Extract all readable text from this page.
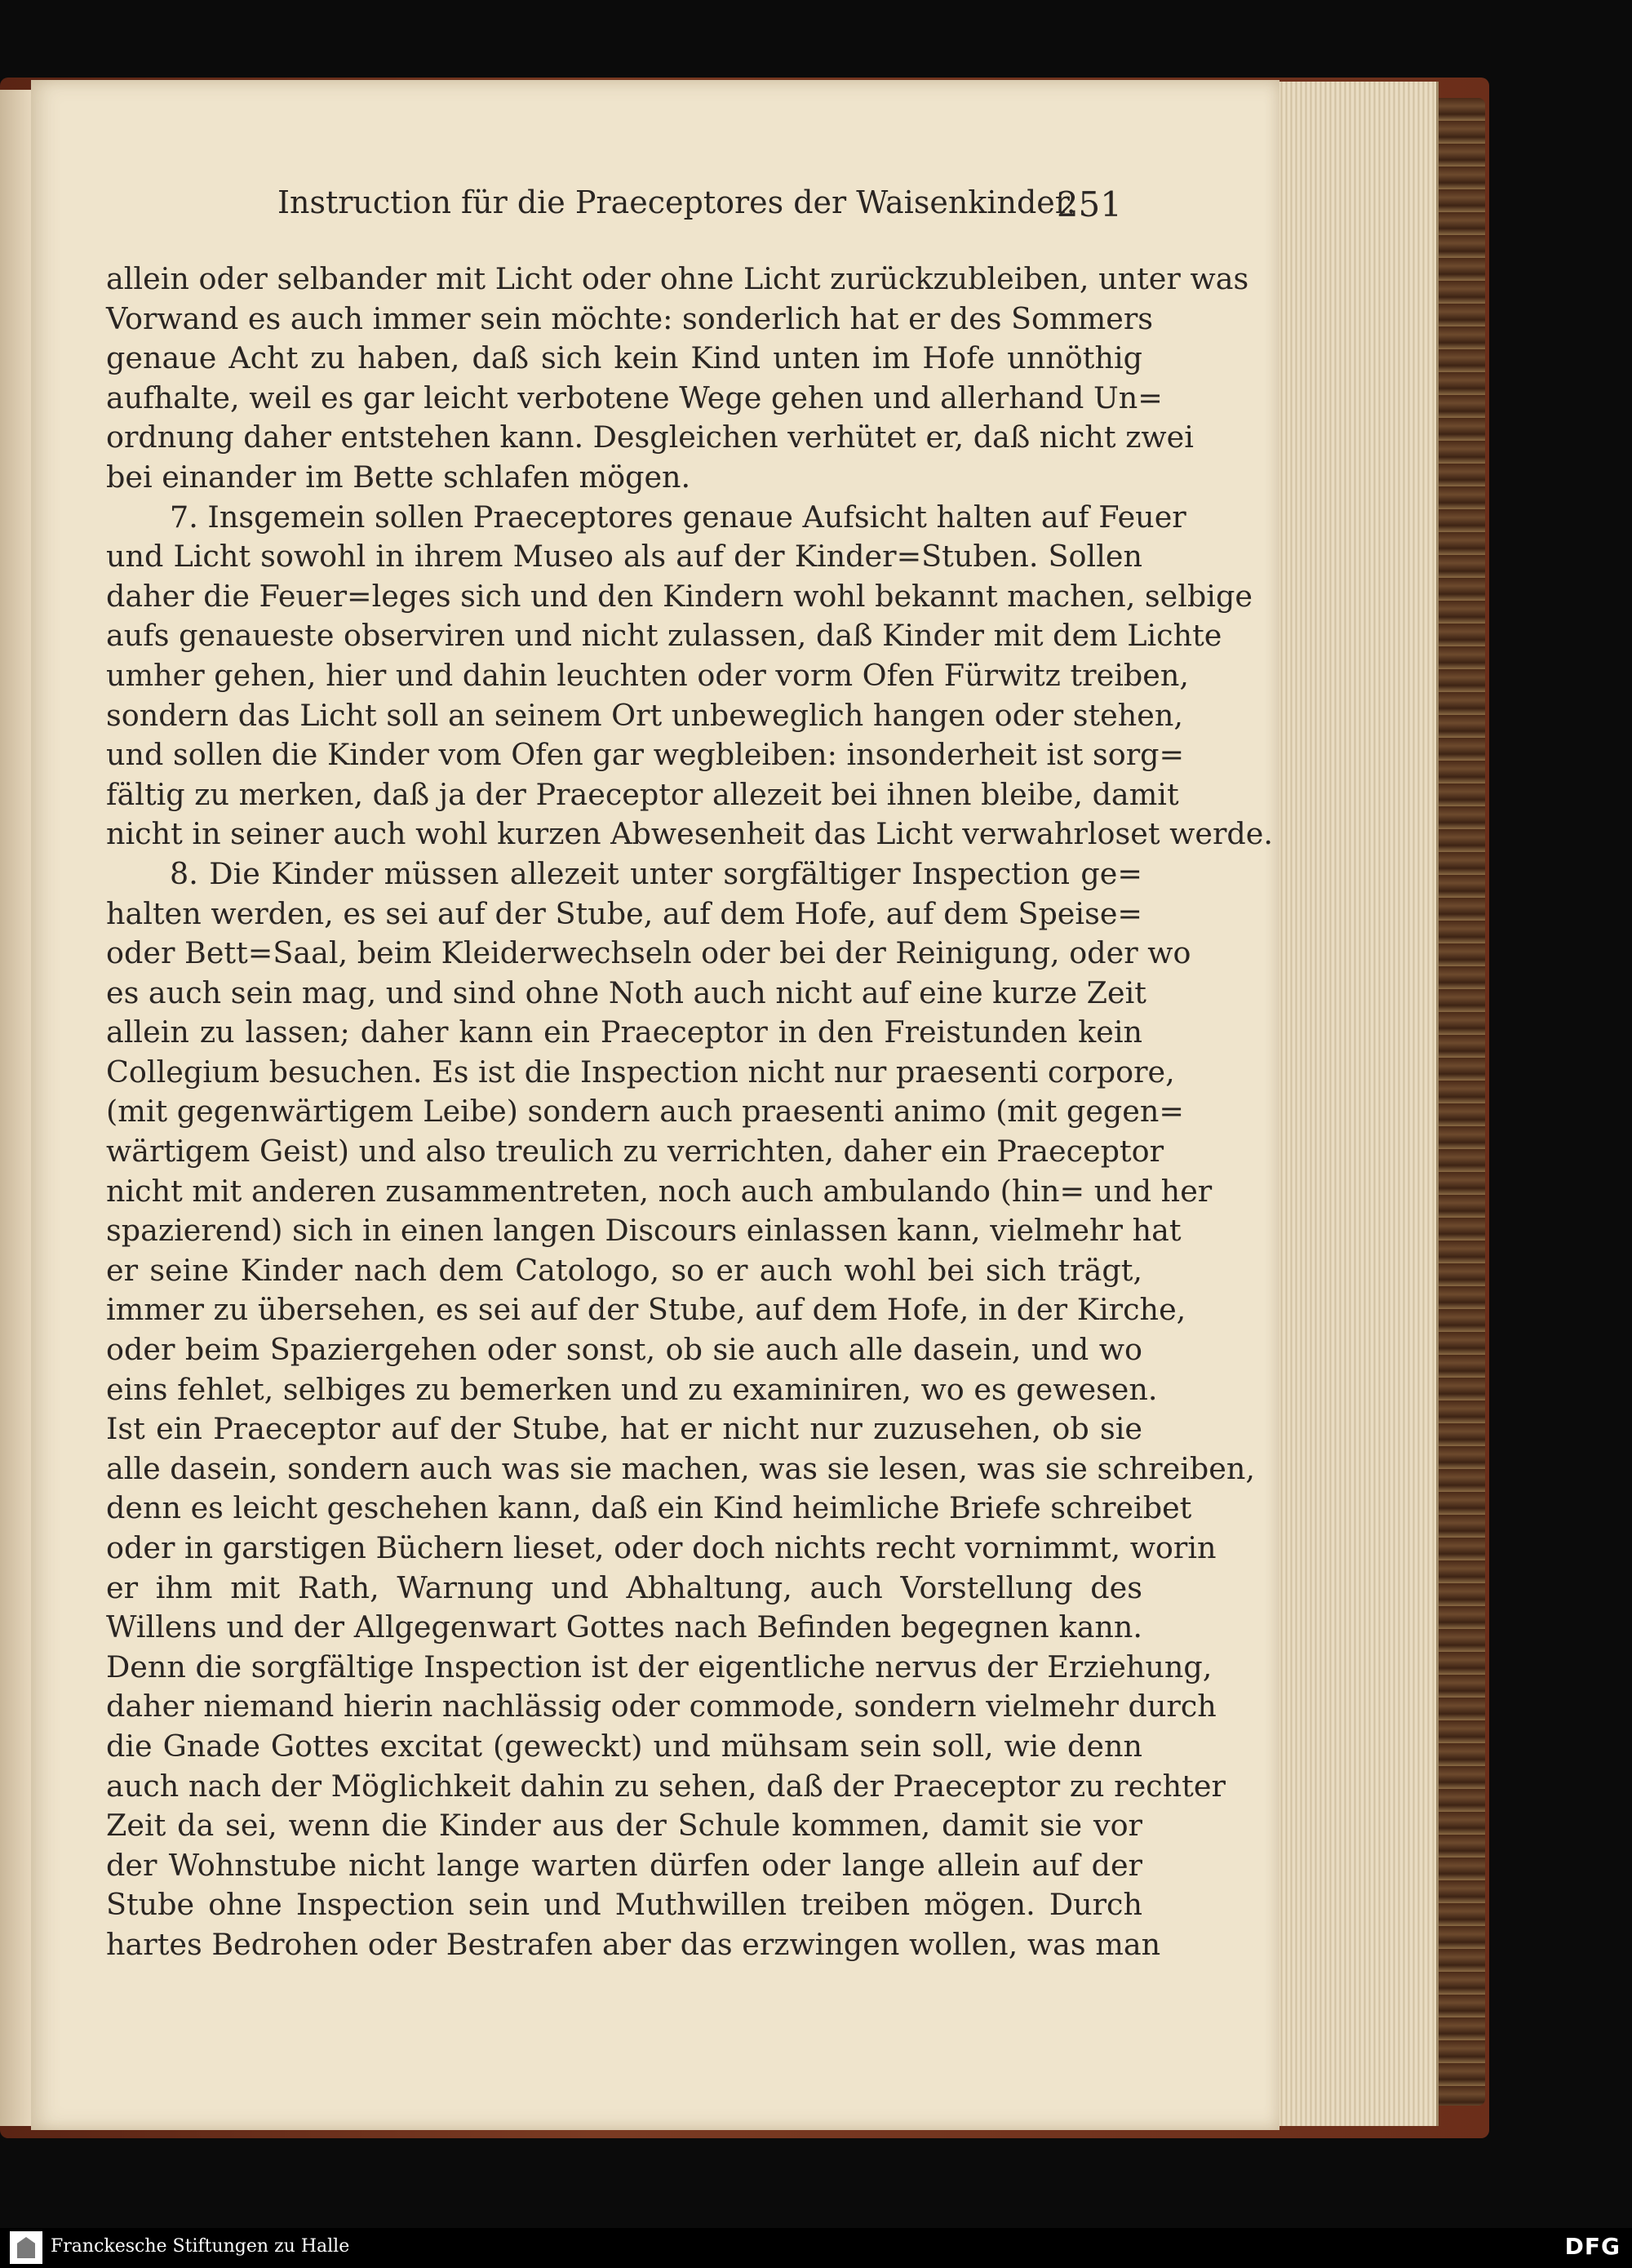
Instruction für die Praeceptores der Waisenkinder.
251
allein oder selbander mit Licht oder ohne Licht zurückzubleiben, unter was
Vorwand es auch immer sein möchte: sonderlich hat er des Sommers
genaue Acht zu haben, daß sich kein Kind unten im Hofe unnöthig
aufhalte, weil es gar leicht verbotene Wege gehen und allerhand Un=
ordnung daher entstehen kann. Desgleichen verhütet er, daß nicht zwei
bei einander im Bette schlafen mögen.
7. Insgemein sollen Praeceptores genaue Aufsicht halten auf Feuer
und Licht sowohl in ihrem Museo als auf der Kinder=Stuben. Sollen
daher die Feuer=leges sich und den Kindern wohl bekannt machen, selbige
aufs genaueste observiren und nicht zulassen, daß Kinder mit dem Lichte
umher gehen, hier und dahin leuchten oder vorm Ofen Fürwitz treiben,
sondern das Licht soll an seinem Ort unbeweglich hangen oder stehen,
und sollen die Kinder vom Ofen gar wegbleiben: insonderheit ist sorg=
fältig zu merken, daß ja der Praeceptor allezeit bei ihnen bleibe, damit
nicht in seiner auch wohl kurzen Abwesenheit das Licht verwahrloset werde.
8. Die Kinder müssen allezeit unter sorgfältiger Inspection ge=
halten werden, es sei auf der Stube, auf dem Hofe, auf dem Speise=
oder Bett=Saal, beim Kleiderwechseln oder bei der Reinigung, oder wo
es auch sein mag, und sind ohne Noth auch nicht auf eine kurze Zeit
allein zu lassen; daher kann ein Praeceptor in den Freistunden kein
Collegium besuchen. Es ist die Inspection nicht nur praesenti corpore,
(mit gegenwärtigem Leibe) sondern auch praesenti animo (mit gegen=
wärtigem Geist) und also treulich zu verrichten, daher ein Praeceptor
nicht mit anderen zusammentreten, noch auch ambulando (hin= und her
spazierend) sich in einen langen Discours einlassen kann, vielmehr hat
er seine Kinder nach dem Catologo, so er auch wohl bei sich trägt,
immer zu übersehen, es sei auf der Stube, auf dem Hofe, in der Kirche,
oder beim Spaziergehen oder sonst, ob sie auch alle dasein, und wo
eins fehlet, selbiges zu bemerken und zu examiniren, wo es gewesen.
Ist ein Praeceptor auf der Stube, hat er nicht nur zuzusehen, ob sie
alle dasein, sondern auch was sie machen, was sie lesen, was sie schreiben,
denn es leicht geschehen kann, daß ein Kind heimliche Briefe schreibet
oder in garstigen Büchern lieset, oder doch nichts recht vornimmt, worin
er ihm mit Rath, Warnung und Abhaltung, auch Vorstellung des
Willens und der Allgegenwart Gottes nach Befinden begegnen kann.
Denn die sorgfältige Inspection ist der eigentliche nervus der Erziehung,
daher niemand hierin nachlässig oder commode, sondern vielmehr durch
die Gnade Gottes excitat (geweckt) und mühsam sein soll, wie denn
auch nach der Möglichkeit dahin zu sehen, daß der Praeceptor zu rechter
Zeit da sei, wenn die Kinder aus der Schule kommen, damit sie vor
der Wohnstube nicht lange warten dürfen oder lange allein auf der
Stube ohne Inspection sein und Muthwillen treiben mögen. Durch
hartes Bedrohen oder Bestrafen aber das erzwingen wollen, was man
Franckesche Stiftungen zu Halle	DFG
